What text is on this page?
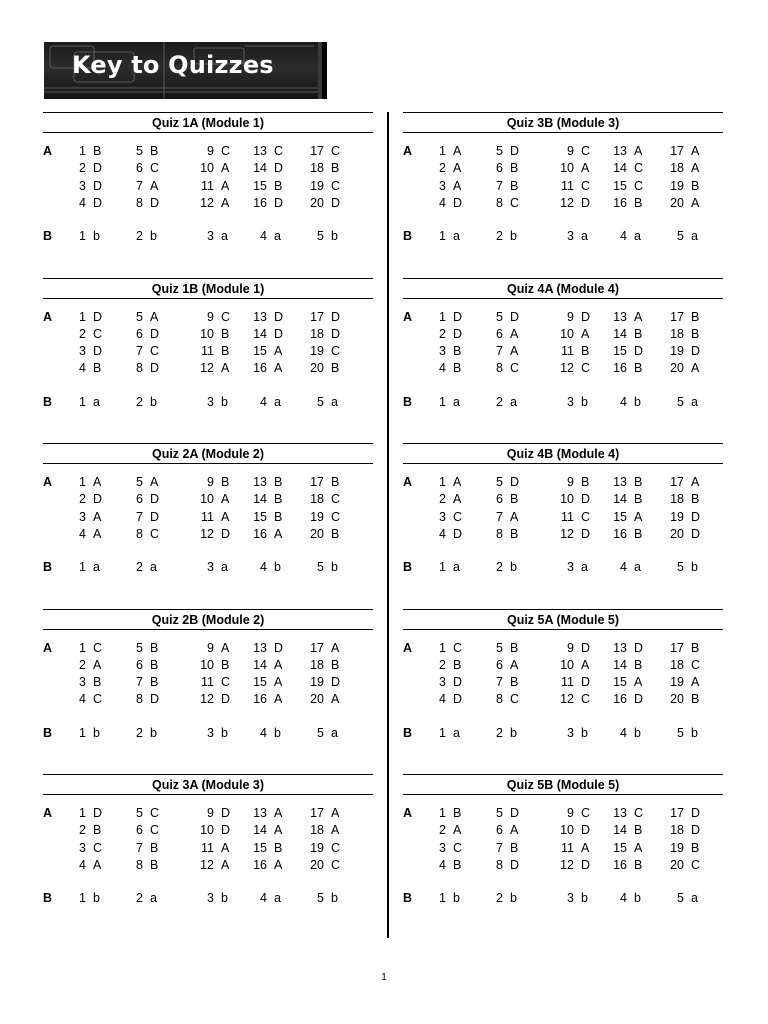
Key to Quizzes
Quiz 1A (Module 1)
A	1 B	5 B	9 C	13 C	17 C
2 D	6 C	10 A	14 D	18 B
3 D	7 A	11 A	15 B	19 C
4 D	8 D	12 A	16 D	20 D
B	1 b	2 b	3 a	4 a	5 b
Quiz 1B (Module 1)
A	1 D	5 A	9 C	13 D	17 D
2 C	6 D	10 B	14 D	18 D
3 D	7 C	11 B	15 A	19 C
4 B	8 D	12 A	16 A	20 B
B	1 a	2 b	3 b	4 a	5 a
Quiz 2A (Module 2)
A	1 A	5 A	9 B	13 B	17 B
2 D	6 D	10 A	14 B	18 C
3 A	7 D	11 A	15 B	19 C
4 A	8 C	12 D	16 A	20 B
B	1 a	2 a	3 a	4 b	5 b
Quiz 2B (Module 2)
A	1 C	5 B	9 A	13 D	17 A
2 A	6 B	10 B	14 A	18 B
3 B	7 B	11 C	15 A	19 D
4 C	8 D	12 D	16 A	20 A
B	1 b	2 b	3 b	4 b	5 a
Quiz 3A (Module 3)
A	1 D	5 C	9 D	13 A	17 A
2 B	6 C	10 D	14 A	18 A
3 C	7 B	11 A	15 B	19 C
4 A	8 B	12 A	16 A	20 C
B	1 b	2 a	3 b	4 a	5 b
Quiz 3B (Module 3)
A	1 A	5 D	9 C	13 A	17 A
2 A	6 B	10 A	14 C	18 A
3 A	7 B	11 C	15 C	19 B
4 D	8 C	12 D	16 B	20 A
B	1 a	2 b	3 a	4 a	5 a
Quiz 4A (Module 4)
A	1 D	5 D	9 D	13 A	17 B
2 D	6 A	10 A	14 B	18 B
3 B	7 A	11 B	15 D	19 D
4 B	8 C	12 C	16 B	20 A
B	1 a	2 a	3 b	4 b	5 a
Quiz 4B (Module 4)
A	1 A	5 D	9 B	13 B	17 A
2 A	6 B	10 D	14 B	18 B
3 C	7 A	11 C	15 A	19 D
4 D	8 B	12 D	16 B	20 D
B	1 a	2 b	3 a	4 a	5 b
Quiz 5A (Module 5)
A	1 C	5 B	9 D	13 D	17 B
2 B	6 A	10 A	14 B	18 C
3 D	7 B	11 D	15 A	19 A
4 D	8 C	12 C	16 D	20 B
B	1 a	2 b	3 b	4 b	5 b
Quiz 5B (Module 5)
A	1 B	5 D	9 C	13 C	17 D
2 A	6 A	10 D	14 B	18 D
3 C	7 B	11 A	15 A	19 B
4 B	8 D	12 D	16 B	20 C
B	1 b	2 b	3 b	4 b	5 a
1
